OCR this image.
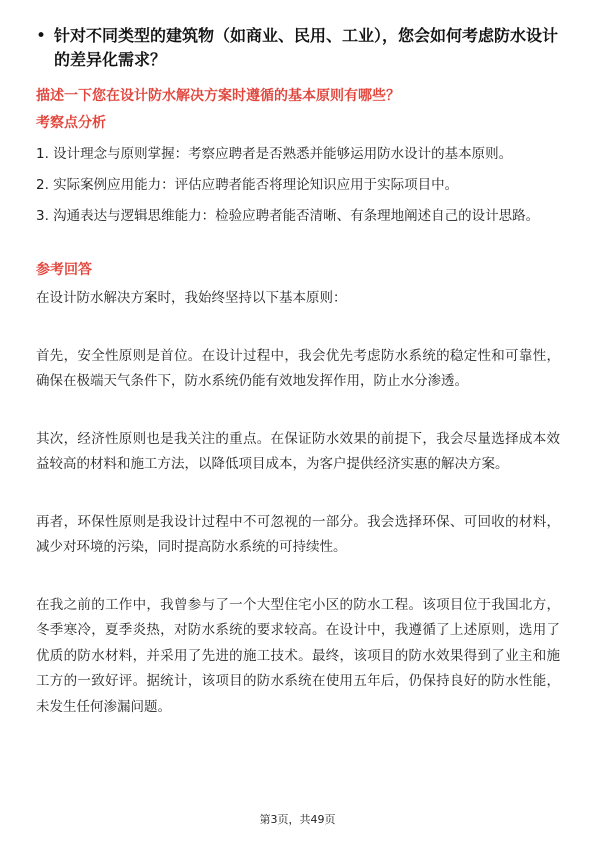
• 针对不同类型的建筑物（如商业、民用、工业），您会如何考虑防水设计的差异化需求？
描述一下您在设计防水解决方案时遵循的基本原则有哪些？
考察点分析
1. 设计理念与原则掌握：考察应聘者是否熟悉并能够运用防水设计的基本原则。
2. 实际案例应用能力：评估应聘者能否将理论知识应用于实际项目中。
3. 沟通表达与逻辑思维能力：检验应聘者能否清晰、有条理地阐述自己的设计思路。
参考回答

在设计防水解决方案时，我始终坚持以下基本原则：

首先，安全性原则是首位。在设计过程中，我会优先考虑防水系统的稳定性和可靠性，确保在极端天气条件下，防水系统仍能有效地发挥作用，防止水分渗透。

其次，经济性原则也是我关注的重点。在保证防水效果的前提下，我会尽量选择成本效益较高的材料和施工方法，以降低项目成本，为客户提供经济实惠的解决方案。

再者，环保性原则是我设计过程中不可忽视的一部分。我会选择环保、可回收的材料，减少对环境的污染，同时提高防水系统的可持续性。

在我之前的工作中，我曾参与了一个大型住宅小区的防水工程。该项目位于我国北方，冬季寒冷，夏季炎热，对防水系统的要求较高。在设计中，我遵循了上述原则，选用了优质的防水材料，并采用了先进的施工技术。最终，该项目的防水效果得到了业主和施工方的一致好评。据统计，该项目的防水系统在使用五年后，仍保持良好的防水性能，未发生任何渗漏问题。

第3页，共49页
